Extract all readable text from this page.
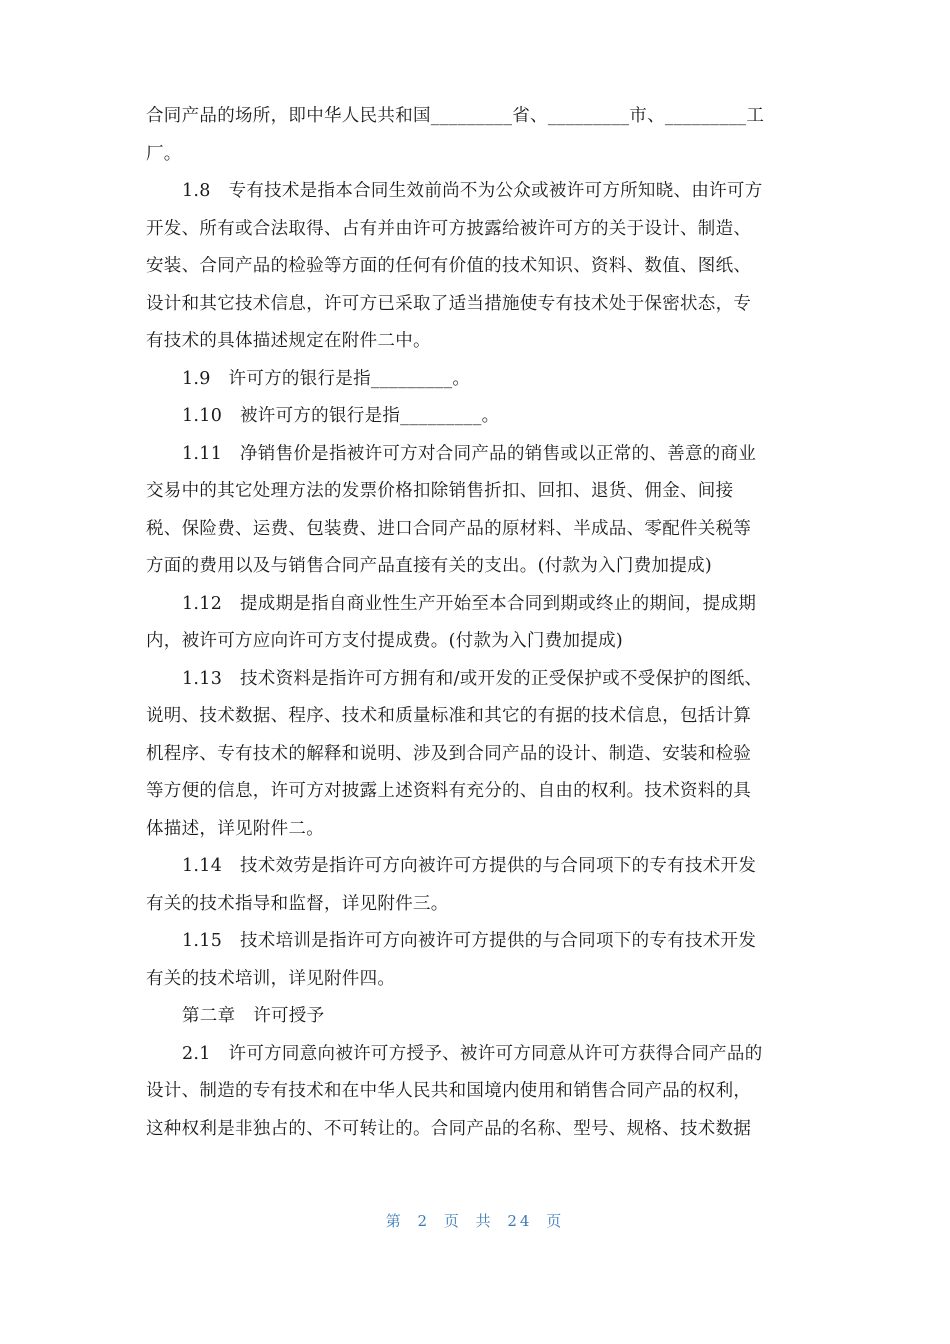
合同产品的场所，即中华人民共和国_________省、_________市、_________工
厂。
1.8　专有技术是指本合同生效前尚不为公众或被许可方所知晓、由许可方
开发、所有或合法取得、占有并由许可方披露给被许可方的关于设计、制造、
安装、合同产品的检验等方面的任何有价值的技术知识、资料、数值、图纸、
设计和其它技术信息，许可方已采取了适当措施使专有技术处于保密状态，专
有技术的具体描述规定在附件二中。
1.9　许可方的银行是指_________。
1.10　被许可方的银行是指_________。
1.11　净销售价是指被许可方对合同产品的销售或以正常的、善意的商业
交易中的其它处理方法的发票价格扣除销售折扣、回扣、退货、佣金、间接
税、保险费、运费、包装费、进口合同产品的原材料、半成品、零配件关税等
方面的费用以及与销售合同产品直接有关的支出。(付款为入门费加提成)
1.12　提成期是指自商业性生产开始至本合同到期或终止的期间，提成期
内，被许可方应向许可方支付提成费。(付款为入门费加提成)
1.13　技术资料是指许可方拥有和/或开发的正受保护或不受保护的图纸、
说明、技术数据、程序、技术和质量标准和其它的有据的技术信息，包括计算
机程序、专有技术的解释和说明、涉及到合同产品的设计、制造、安装和检验
等方便的信息，许可方对披露上述资料有充分的、自由的权利。技术资料的具
体描述，详见附件二。
1.14　技术效劳是指许可方向被许可方提供的与合同项下的专有技术开发
有关的技术指导和监督，详见附件三。
1.15　技术培训是指许可方向被许可方提供的与合同项下的专有技术开发
有关的技术培训，详见附件四。
第二章　许可授予
2.1　许可方同意向被许可方授予、被许可方同意从许可方获得合同产品的
设计、制造的专有技术和在中华人民共和国境内使用和销售合同产品的权利，
这种权利是非独占的、不可转让的。合同产品的名称、型号、规格、技术数据
第 2 页 共 24 页
